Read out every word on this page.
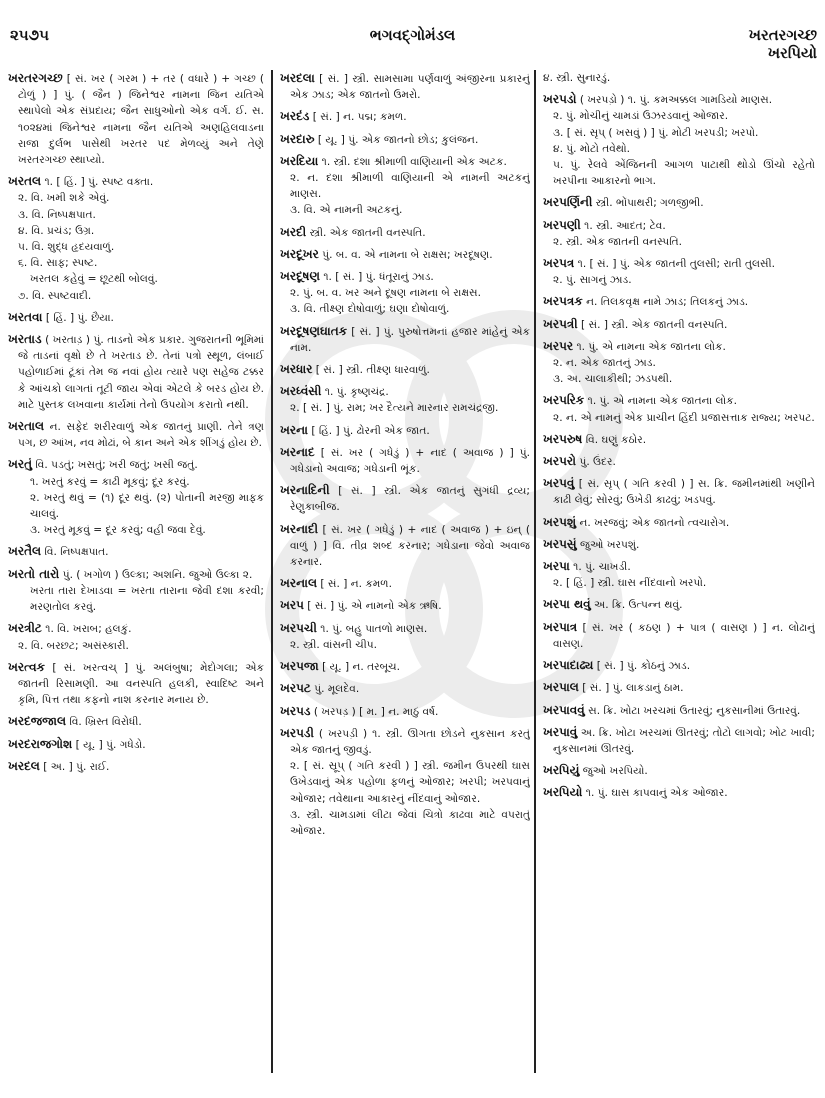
૨૫૭૫	ભગવદ્ગોમંડલ	ખરતરગચ્છ
ખરપિયો

ખરતરગચ્છ [ સં. ખર ( ગરમ ) + તર ( વધારે ) + ગચ્છ ( ટોળું ) ] પું. ( જૈન ) જિનેશ્વર નામના જિન યતિએ સ્થાપેલો એક સંપ્રદાય; જૈન સાધુઓનો એક વર્ગ. ઈ. સ. ૧૦૨૪માં જિનેશ્વર નામના જૈન યતિએ અણહિલવાડના રાજા દુર્લભ પાસેથી ખરતર પદ મેળવ્યું અને તેણે ખરતરગચ્છ સ્થાપ્યો.

ખરતલ ૧. [ હિં. ] પું. સ્પષ્ટ વક્તા.
૨. વિ. ખમી શકે એવું.
૩. વિ. નિષ્પક્ષપાત.
૪. વિ. પ્રચંડ; ઉગ્ર.
૫. વિ. શુદ્ધ હૃદયવાળું.
૬. વિ. સાફ; સ્પષ્ટ.
ખરતલ કહેવું = છૂટથી બોલવું.
૭. વિ. સ્પષ્ટવાદી.

ખરતવા [ હિં. ] પું. છૈયા.

ખરતાડ ( ખરતાડ઼ ) પું. તાડનો એક પ્રકાર. ગુજરાતની ભૂમિમાં જે તાડનાં વૃક્ષો છે તે ખરતાડ છે. તેનાં પત્રો સ્થૂળ, લંબાઈ પહોળાઈમાં ટૂંકાં તેમ જ નવાં હોય ત્યારે પણ સહેજ ટક્કર કે આંચકો લાગતાં તૂટી જાય એવાં એટલે કે બરડ હોય છે. માટે પુસ્તક લખવાના કાર્યમાં તેનો ઉપયોગ કરાતો નથી.

ખરતાલ ન. સફેદ શરીરવાળું એક જાતનું પ્રાણી. તેને ત્રણ પગ, છ આંખ, નવ મોઢાં, બે કાન અને એક શીંગડું હોય છે.

ખરતું વિ. પડતું; ખસતું; ખરી જતું; ખસી જતું.
૧. ખરતું કરવું = કાઢી મૂકવું; દૂર કરવું.
૨. ખરતું થવું = (૧) દૂર થવું. (૨) પોતાની મરજી માફક ચાલવું.
૩. ખરતું મૂકવું = દૂર કરવું; વહી જવા દેવું.

ખરતૈલ વિ. નિષ્પક્ષપાત.

ખરતો તારો પું. ( ખગોળ ) ઉલ્કા; અશનિ. જુઓ ઉલ્કા ૨.
ખરતા તારા દેખાડવા = ખરતા તારાના જેવી દશા કરવી; મરણતોલ કરવું.

ખરત્રીટ ૧. વિ. ખરાબ; હલકું.
૨. વિ. બરછટ; અસંસ્કારી.

ખરત્વક [ સં. ખરત્વચ્ ] પું. અલંબુષા; મેદોગલા; એક જાતની રિસામણી. આ વનસ્પતિ હલકી, સ્વાદિષ્ટ અને કૃમિ, પિત્ત તથા કફનો નાશ કરનાર મનાય છે.

ખરદજજાલ વિ. ખ્રિસ્ત વિરોધી.

ખરદરાજગોશ [ યૂ. ] પું. ગધેડો.

ખરદલ [ અ. ] પું. રાઈ.

ખરદલા [ સં. ] સ્ત્રી. સામસામા પર્ણવાળું અંજીરના પ્રકારનું એક ઝાડ; એક જાતનો ઉમરો.

ખરદંડ [ સં. ] ન. પદ્મ; કમળ.

ખરદારુ [ યૂ. ] પું. એક જાતનો છોડ; કુલંજન.

ખરદિયા ૧. સ્ત્રી. દશા શ્રીમાળી વાણિયાની એક અટક.
૨. ન. દશા શ્રીમાળી વાણિયાની એ નામની અટકનું માણસ.
૩. વિ. એ નામની અટકનું.

ખરદી સ્ત્રી. એક જાતની વનસ્પતિ.

ખરદૂખર પું. બ. વ. એ નામના બે રાક્ષસ; ખરદૂષણ.

ખરદૂષણ ૧. [ સં. ] પું. ધંતૂરાનું ઝાડ.
૨. પું. બ. વ. ખર અને દૂષણ નામના બે રાક્ષસ.
૩. વિ. તીક્ષ્ણ દોષોવાળું; ઘણા દોષોવાળું.

ખરદૂષણઘાતક [ સં. ] પું. પુરુષોત્તમનાં હજાર માંહેનું એક નામ.

ખરધાર [ સં. ] સ્ત્રી. તીક્ષ્ણ ધારવાળું.

ખરધ્વંસી ૧. પું. કૃષ્ણચંદ્ર.
૨. [ સં. ] પું. રામ; ખર દૈત્યને મારનાર રામચંદ્રજી.

ખરના [ હિં. ] પું. ઢોરની એક જાત.

ખરનાદ [ સં. ખર ( ગધેડું ) + નાદ ( અવાજ ) ] પું. ગધેડાનો અવાજ; ગધેડાની ભૂંક.

ખરનાદિની [ સં. ] સ્ત્રી. એક જાતનું સુગંધી દ્રવ્ય; રેણુકાબીજ.

ખરનાદી [ સં. ખર ( ગધેડું ) + નાદ ( અવાજ ) + ઇન્ ( વાળું ) ] વિ. તીવ્ર શબ્દ કરનાર; ગધેડાના જેવો અવાજ કરનાર.

ખરનાલ [ સં. ] ન. કમળ.

ખરપ [ સં. ] પું. એ નામનો એક ઋષિ.

ખરપચી ૧. પું. બહુ પાતળો માણસ.
૨. સ્ત્રી. વાંસની ચીપ.

ખરપજા [ યૂ. ] ન. તરબૂચ.

ખરપટ પું. મૂલદેવ.

ખરપડ ( ખરપડ઼ ) [ મ. ] ન. માઠું વર્ષ.

ખરપડી ( ખરપડ઼ી ) ૧. સ્ત્રી. ઊગતા છોડને નુકસાન કરતું એક જાતનું જીવડું.
૨. [ સં. સ્રૂપ્ ( ગતિ કરવી ) ] સ્ત્રી. જમીન ઉપરથી ઘાસ ઉખેડવાનું એક પહોળા ફળનું ઓજાર; ખરપી; ખરપવાનું ઓજાર; તવેથાના આકારનું નીંદવાનું ઓજાર.
૩. સ્ત્રી. ચામડામાં લીટા જેવાં ચિત્રો કાઢવા માટે વપરાતું ઓજાર.

૪. સ્ત્રી. સુનારડું.

ખરપડો ( ખરપડ઼ો ) ૧. પું. કમઅક્કલ ગામડિયો માણસ.
૨. પું. મોચીનું ચામડાં ઉઝરડવાનું ઓજાર.
૩. [ સં. સૃપ્ ( ખસવું ) ] પું. મોટી ખરપડી; ખરપો.
૪. પું. મોટો તવેથો.
૫. પું. રેલવે એંજિનની આગળ પાટાથી થોડો ઊંચો રહેતો ખરપીના આકારનો ભાગ.

ખરપર્ણિની સ્ત્રી. ભોંપાથરી; ગળજીભી.

ખરપણી ૧. સ્ત્રી. આદત; ટેવ.
૨. સ્ત્રી. એક જાતની વનસ્પતિ.

ખરપત્ર ૧. [ સં. ] પું. એક જાતની તુલસી; રાતી તુલસી.
૨. પું. સાગનું ઝાડ.

ખરપત્રક ન. તિલકવૃક્ષ નામે ઝાડ; તિલકનું ઝાડ.

ખરપત્રી [ સં. ] સ્ત્રી. એક જાતની વનસ્પતિ.

ખરપર ૧. પું. એ નામના એક જાતના લોક.
૨. ન. એક જાતનું ઝાડ.
૩. અ. ચાલાકીથી; ઝડપથી.

ખરપરિક ૧. પું. એ નામના એક જાતના લોક.
૨. ન. એ નામનું એક પ્રાચીન હિંદી પ્રજાસત્તાક રાજ્ય; ખરપટ.

ખરપરુષ વિ. ઘણું કઠોર.

ખરપરો પું. ઉંદર.

ખરપવું [ સં. સૃપ્ ( ગતિ કરવી ) ] સ. ક્રિ. જમીનમાંથી ખણીને કાઢી લેવું; સોરવું; ઉખેડી કાઢવું; ખડપવું.

ખરપશું ન. ખરજવું; એક જાતનો ત્વચારોગ.

ખરપસું જુઓ ખરપશું.

ખરપા ૧. પું. ચાખડી.
૨. [ હિં. ] સ્ત્રી. ઘાસ નીંદવાનો ખરપો.

ખરપા થવું અ. ક્રિ. ઉત્પન્ન થવું.

ખરપાત્ર [ સં. ખર ( કઠણ ) + પાત્ર ( વાસણ ) ] ન. લોઢાનું વાસણ.

ખરપાદાઢ્ય [ સં. ] પું. કોઠનું ઝાડ.

ખરપાલ [ સં. ] પું. લાકડાનું ઠામ.

ખરપાવવું સ. ક્રિ. ખોટા ખરચમાં ઉતારવું; નુકસાનીમાં ઉતારવું.

ખરપાવું અ. ક્રિ. ખોટા ખરચમાં ઊતરવું; તોટો લાગવો; ખોટ ખાવી; નુકસાનમાં ઊતરવું.

ખરપિયું જુઓ ખરપિયો.

ખરપિયો ૧. પું. ઘાસ કાપવાનું એક ઓજાર.
